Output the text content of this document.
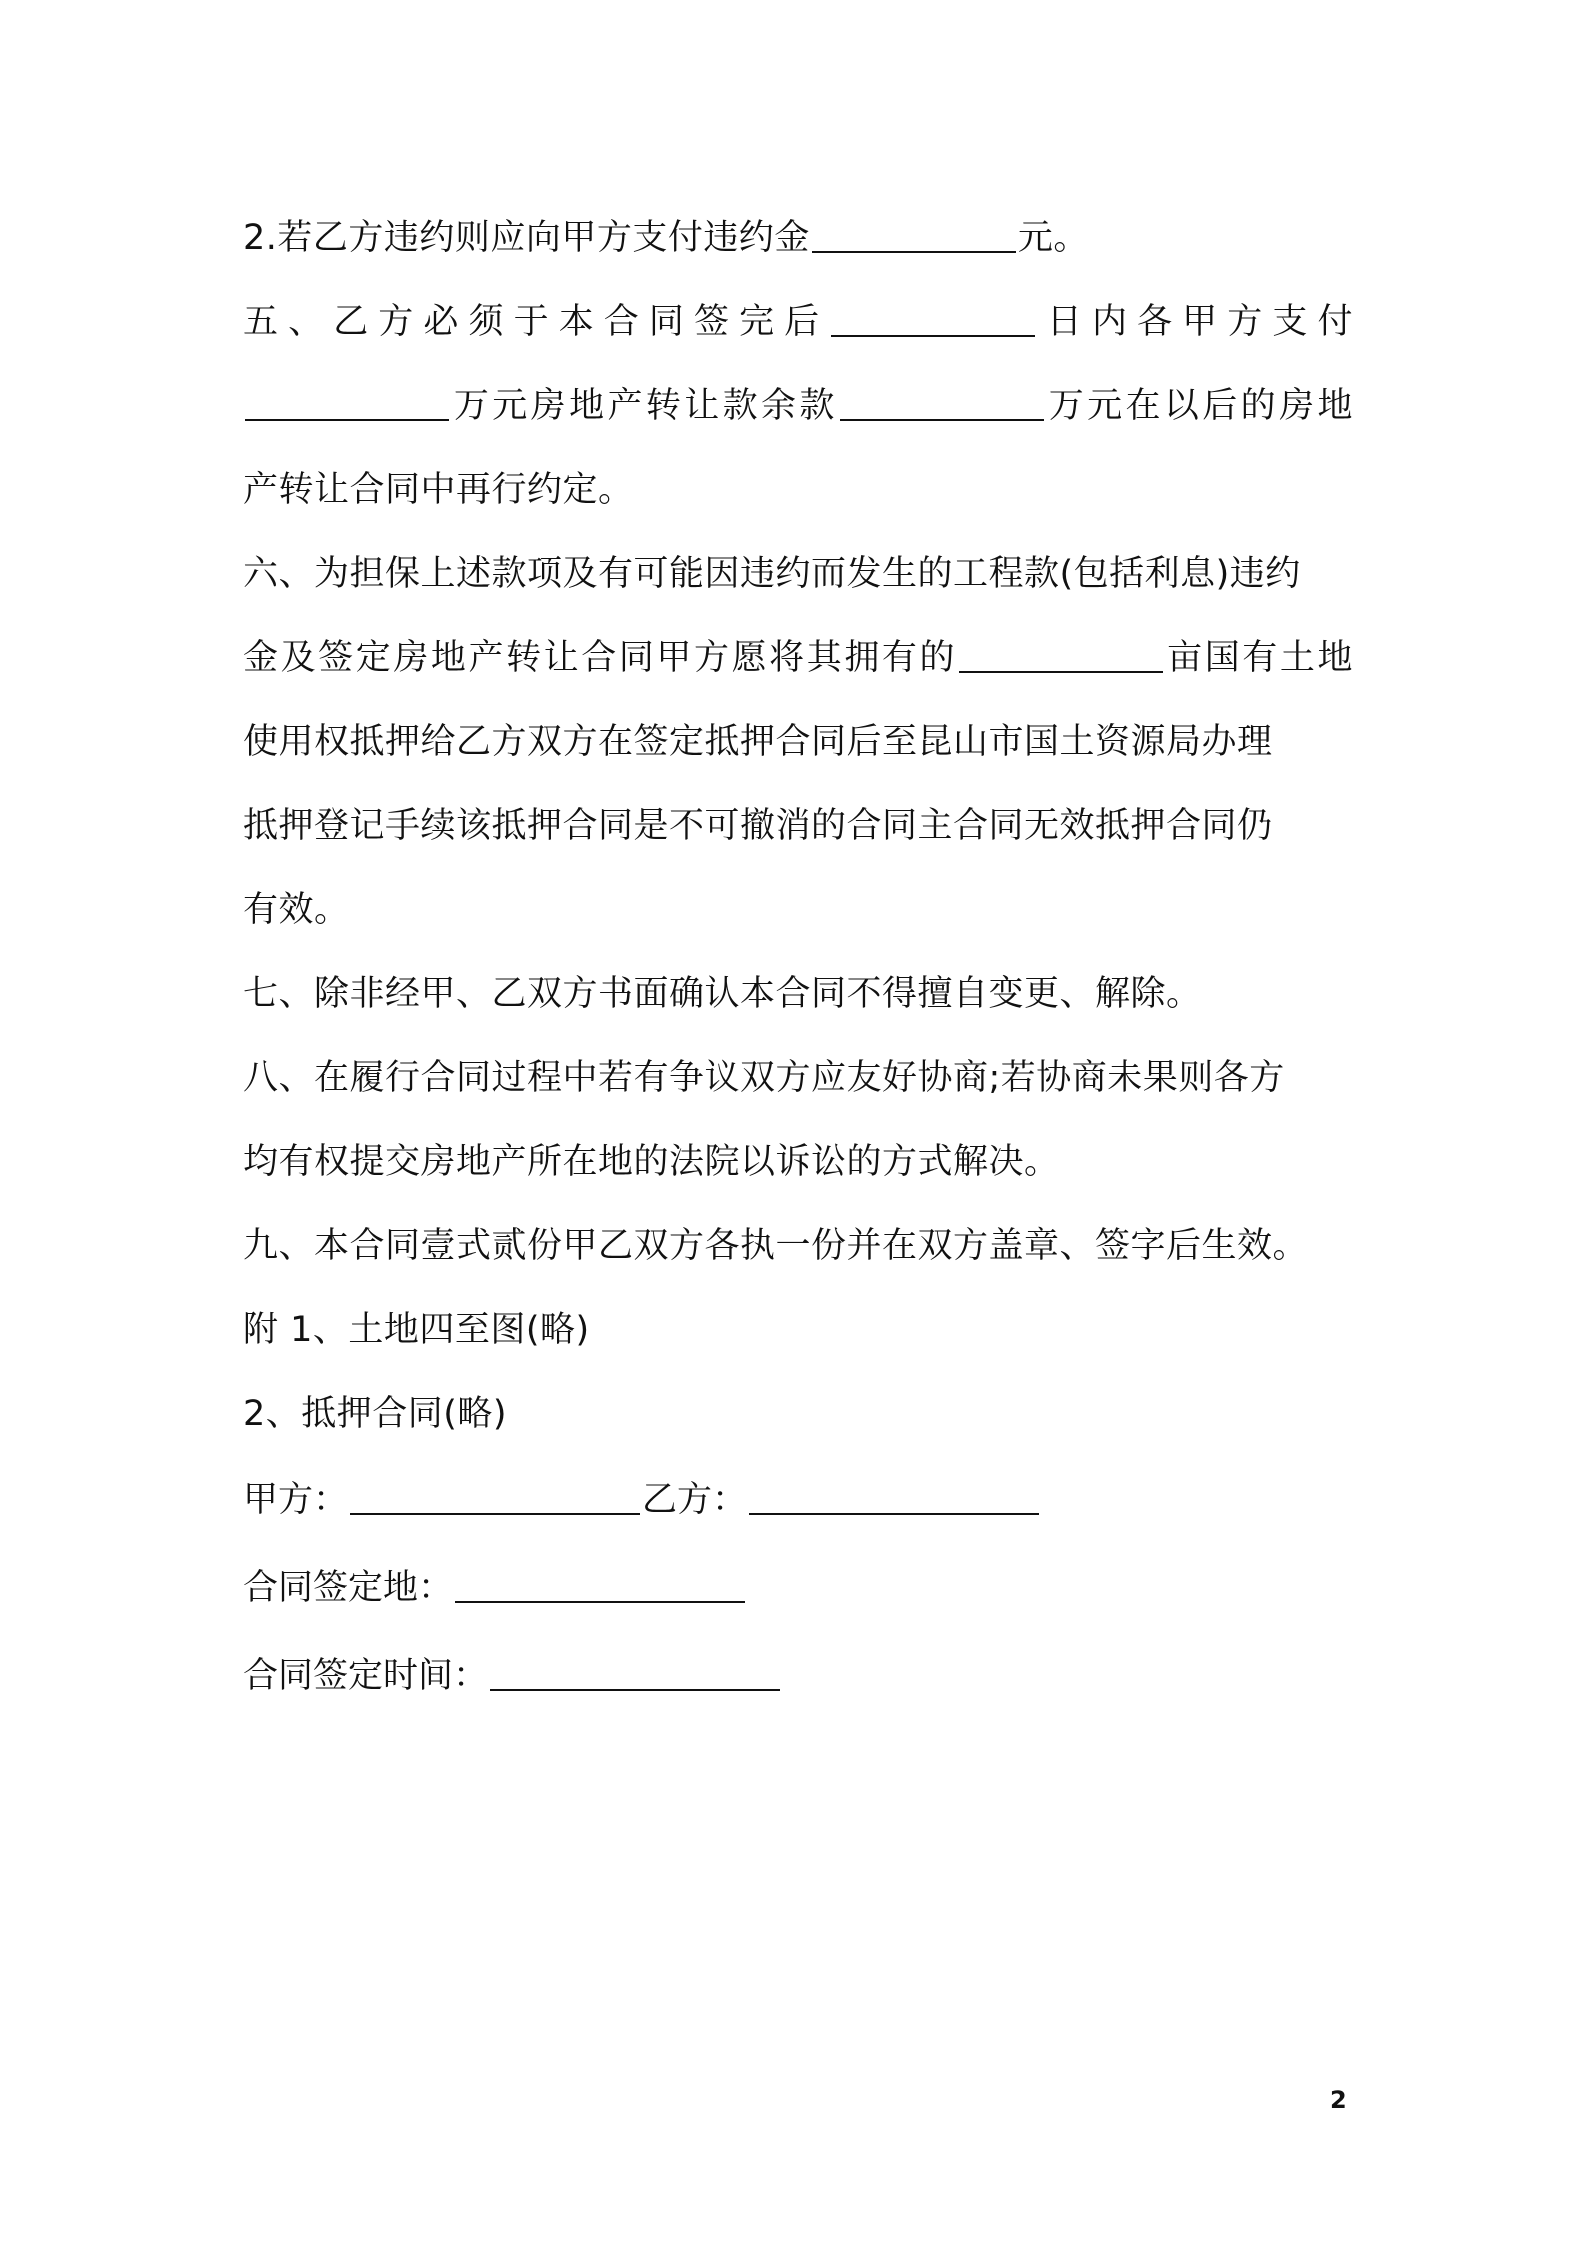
2.若乙方违约则应向甲方支付违约金	元。
五、乙方必须于本合同签完后	日内各甲方支付
万元房地产转让款余款	万元在以后的房地
产转让合同中再行约定。
六、为担保上述款项及有可能因违约而发生的工程款(包括利息)违约
金及签定房地产转让合同甲方愿将其拥有的	亩国有土地
使用权抵押给乙方双方在签定抵押合同后至昆山市国土资源局办理
抵押登记手续该抵押合同是不可撤消的合同主合同无效抵押合同仍
有效。
七、除非经甲、乙双方书面确认本合同不得擅自变更、解除。
八、在履行合同过程中若有争议双方应友好协商;若协商未果则各方
均有权提交房地产所在地的法院以诉讼的方式解决。
九、本合同壹式贰份甲乙双方各执一份并在双方盖章、签字后生效。
附 1、土地四至图(略)
2、抵押合同(略)
甲方：	乙方：
合同签定地：
合同签定时间：
2
